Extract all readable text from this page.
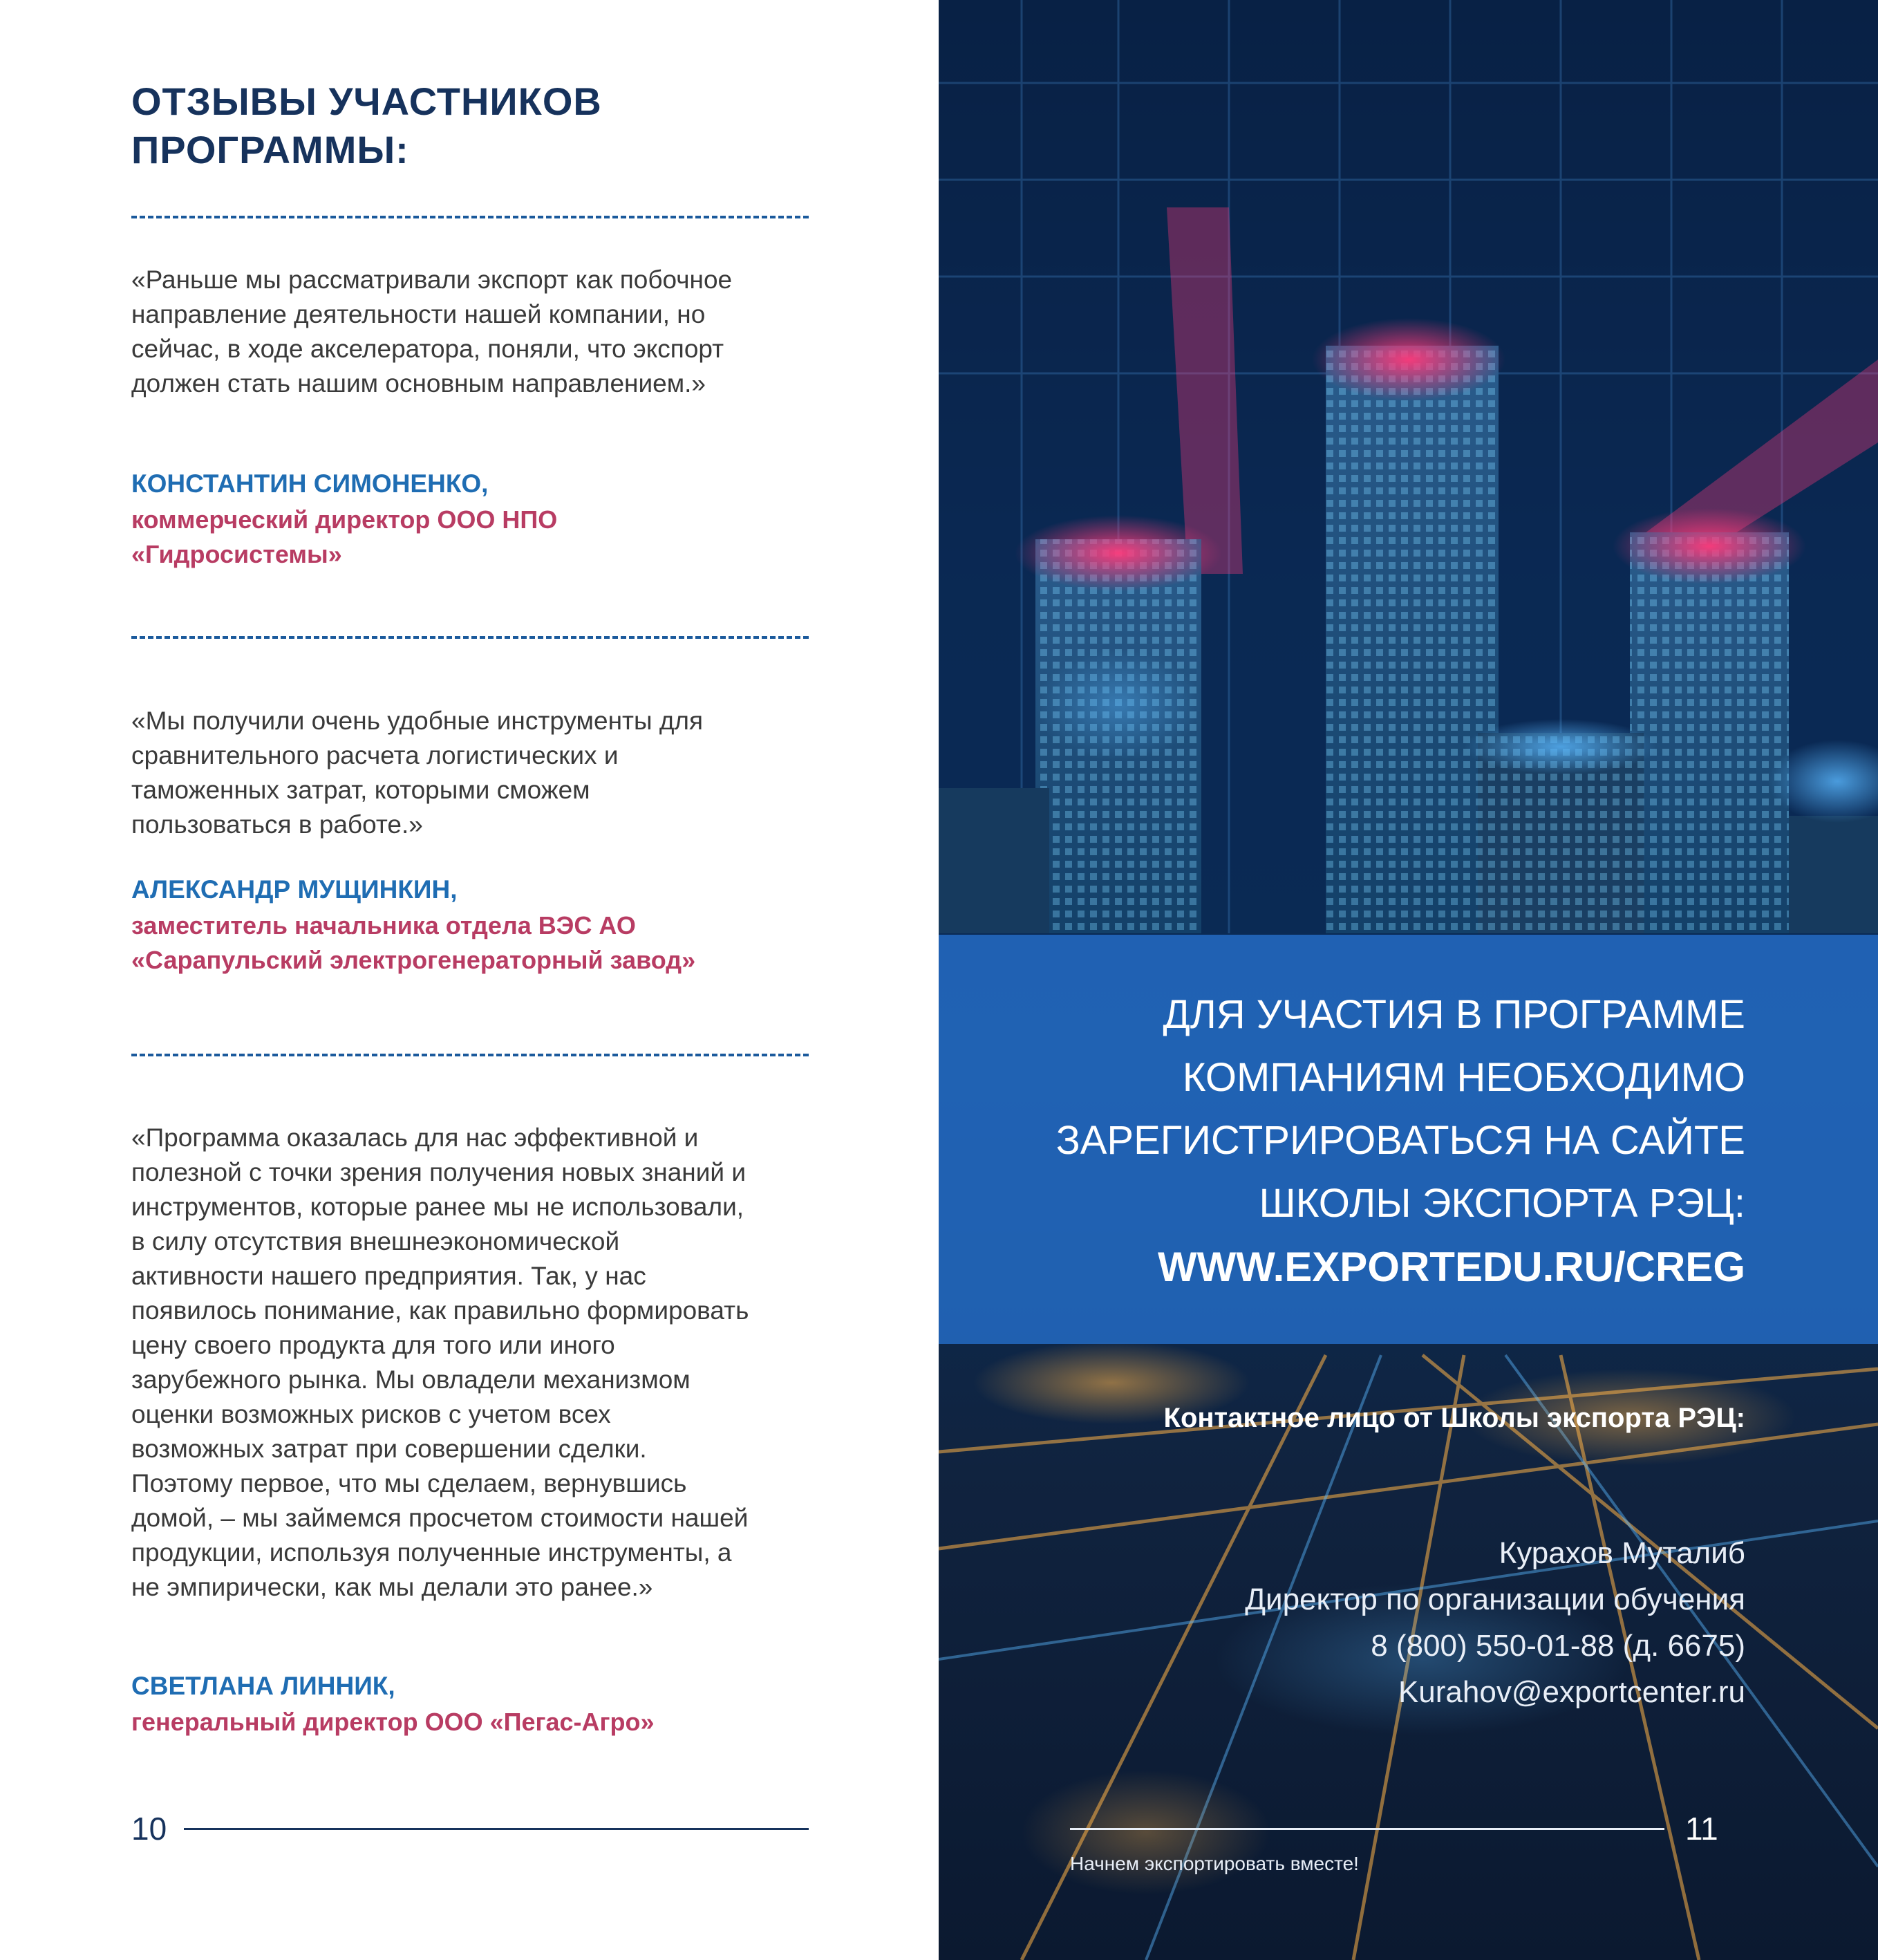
ОТЗЫВЫ УЧАСТНИКОВ ПРОГРАММЫ:

«Раньше мы рассматривали экспорт как побочное направление деятельности нашей компании, но сейчас, в ходе акселератора, поняли, что экспорт должен стать нашим основным направлением.»

КОНСТАНТИН СИМОНЕНКО,

коммерческий директор ООО НПО «Гидросистемы»

«Мы получили очень удобные инструменты для сравнительного расчета логистических и таможенных затрат, которыми сможем пользоваться в работе.»

АЛЕКСАНДР МУЩИНКИН,

заместитель начальника отдела ВЭС АО «Сарапульский электрогенераторный завод»

«Программа оказалась для нас эффективной и полезной с точки зрения получения новых знаний и инструментов, которые ранее мы не использовали, в силу отсутствия внешнеэкономической активности нашего предприятия. Так, у нас появилось понимание, как правильно формировать цену своего продукта для того или иного зарубежного рынка. Мы овладели механизмом оценки возможных рисков с учетом всех возможных затрат при совершении сделки. Поэтому первое, что мы сделаем, вернувшись домой, – мы займемся просчетом стоимости нашей продукции, используя полученные инструменты, а не эмпирически, как мы делали это ранее.»

СВЕТЛАНА ЛИННИК,

генеральный директор ООО «Пегас-Агро»

10

ДЛЯ УЧАСТИЯ В ПРОГРАММЕ КОМПАНИЯМ НЕОБХОДИМО ЗАРЕГИСТРИРОВАТЬСЯ НА САЙТЕ ШКОЛЫ ЭКСПОРТА РЭЦ:

WWW.EXPORTEDU.RU/CREG

Контактное лицо от Школы экспорта РЭЦ:

Курахов Муталиб

Директор по организации обучения

8 (800) 550-01-88 (д. 6675)

Kurahov@exportcenter.ru

11
Начнем экспортировать вместе!
